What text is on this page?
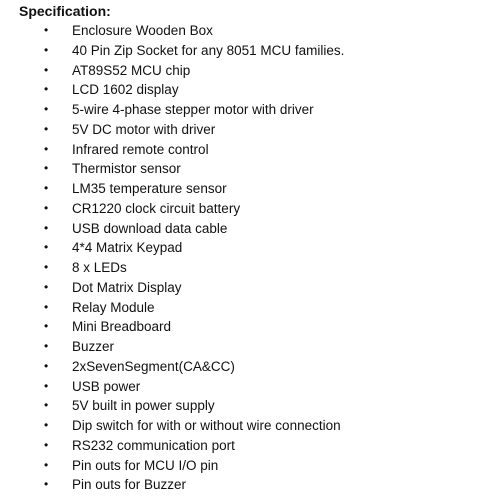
Specification:
• Enclosure Wooden Box
• 40 Pin Zip Socket for any 8051 MCU families.
• AT89S52 MCU chip
• LCD 1602 display
• 5-wire 4-phase stepper motor with driver
• 5V DC motor with driver
• Infrared remote control
• Thermistor sensor
• LM35 temperature sensor
• CR1220 clock circuit battery
• USB download data cable
• 4*4 Matrix Keypad
• 8 x LEDs
• Dot Matrix Display
• Relay Module
• Mini Breadboard
• Buzzer
• 2xSevenSegment(CA&CC)
• USB power
• 5V built in power supply
• Dip switch for with or without wire connection
• RS232 communication port
• Pin outs for MCU I/O pin
• Pin outs for Buzzer
